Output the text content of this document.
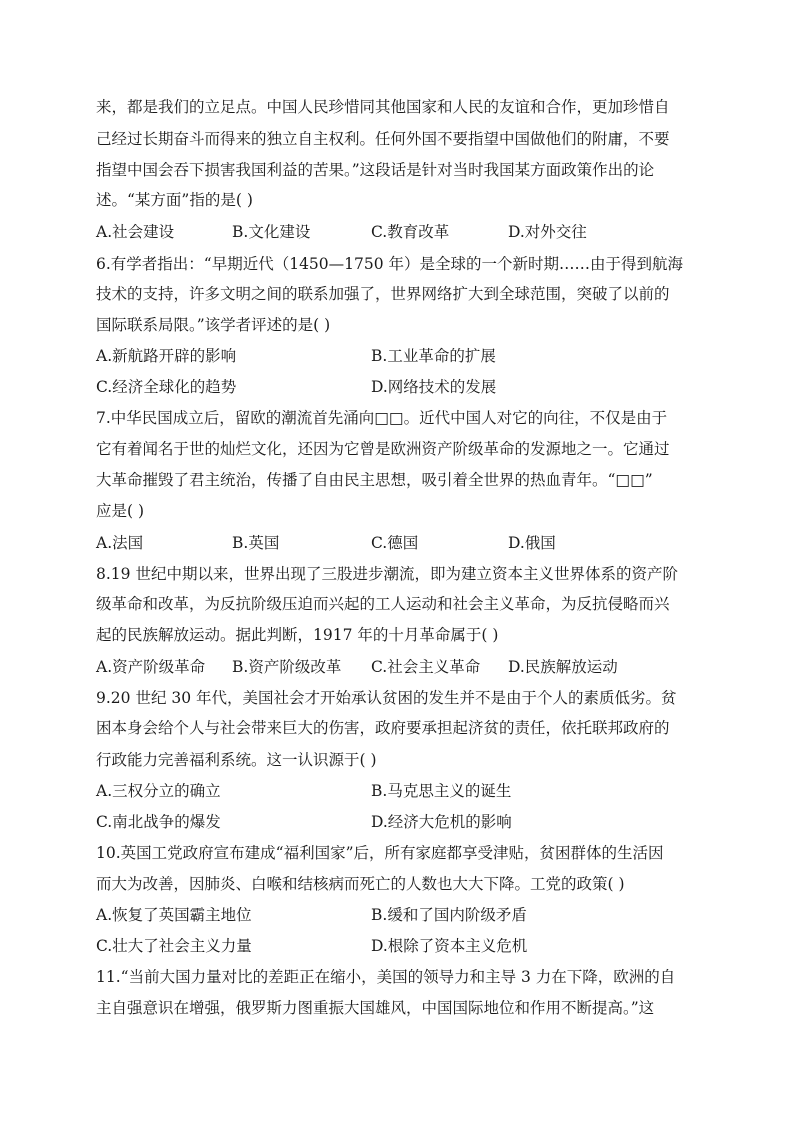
来，都是我们的立足点。中国人民珍惜同其他国家和人民的友谊和合作，更加珍惜自
己经过长期奋斗而得来的独立自主权利。任何外国不要指望中国做他们的附庸，不要
指望中国会吞下损害我国利益的苦果。”这段话是针对当时我国某方面政策作出的论
述。“某方面”指的是( )
A.社会建设	B.文化建设	C.教育改革	D.对外交往
6.有学者指出：“早期近代（1450—1750 年）是全球的一个新时期……由于得到航海
技术的支持，许多文明之间的联系加强了，世界网络扩大到全球范围，突破了以前的
国际联系局限。”该学者评述的是( )
A.新航路开辟的影响	B.工业革命的扩展
C.经济全球化的趋势	D.网络技术的发展
7.中华民国成立后，留欧的潮流首先涌向□□。近代中国人对它的向往，不仅是由于
它有着闻名于世的灿烂文化，还因为它曾是欧洲资产阶级革命的发源地之一。它通过
大革命摧毁了君主统治，传播了自由民主思想，吸引着全世界的热血青年。“□□”
应是( )
A.法国	B.英国	C.德国	D.俄国
8.19 世纪中期以来，世界出现了三股进步潮流，即为建立资本主义世界体系的资产阶
级革命和改革，为反抗阶级压迫而兴起的工人运动和社会主义革命，为反抗侵略而兴
起的民族解放运动。据此判断，1917 年的十月革命属于( )
A.资产阶级革命 B.资产阶级改革 C.社会主义革命 D.民族解放运动
9.20 世纪 30 年代，美国社会才开始承认贫困的发生并不是由于个人的素质低劣。贫
困本身会给个人与社会带来巨大的伤害，政府要承担起济贫的责任，依托联邦政府的
行政能力完善福利系统。这一认识源于( )
A.三权分立的确立	B.马克思主义的诞生
C.南北战争的爆发	D.经济大危机的影响
10.英国工党政府宣布建成“福利国家”后，所有家庭都享受津贴，贫困群体的生活因
而大为改善，因肺炎、白喉和结核病而死亡的人数也大大下降。工党的政策( )
A.恢复了英国霸主地位	B.缓和了国内阶级矛盾
C.壮大了社会主义力量	D.根除了资本主义危机
11.“当前大国力量对比的差距正在缩小，美国的领导力和主导 3 力在下降，欧洲的自
主自强意识在增强，俄罗斯力图重振大国雄风，中国国际地位和作用不断提高。”这
